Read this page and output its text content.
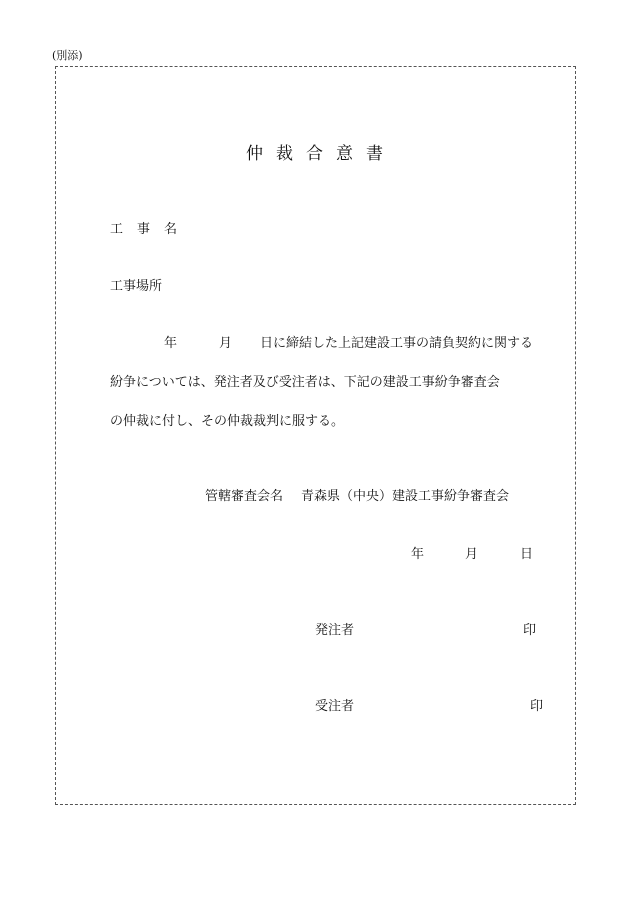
(別添)
仲裁合意書
工事名
工事場所
年	月 日に締結した上記建設工事の請負契約に関する
紛争については、発注者及び受注者は、下記の建設工事紛争審査会
の仲裁に付し、その仲裁裁判に服する。
管轄審査会名 青森県（中央）建設工事紛争審査会
年	月	日
発注者	印
受注者	印
